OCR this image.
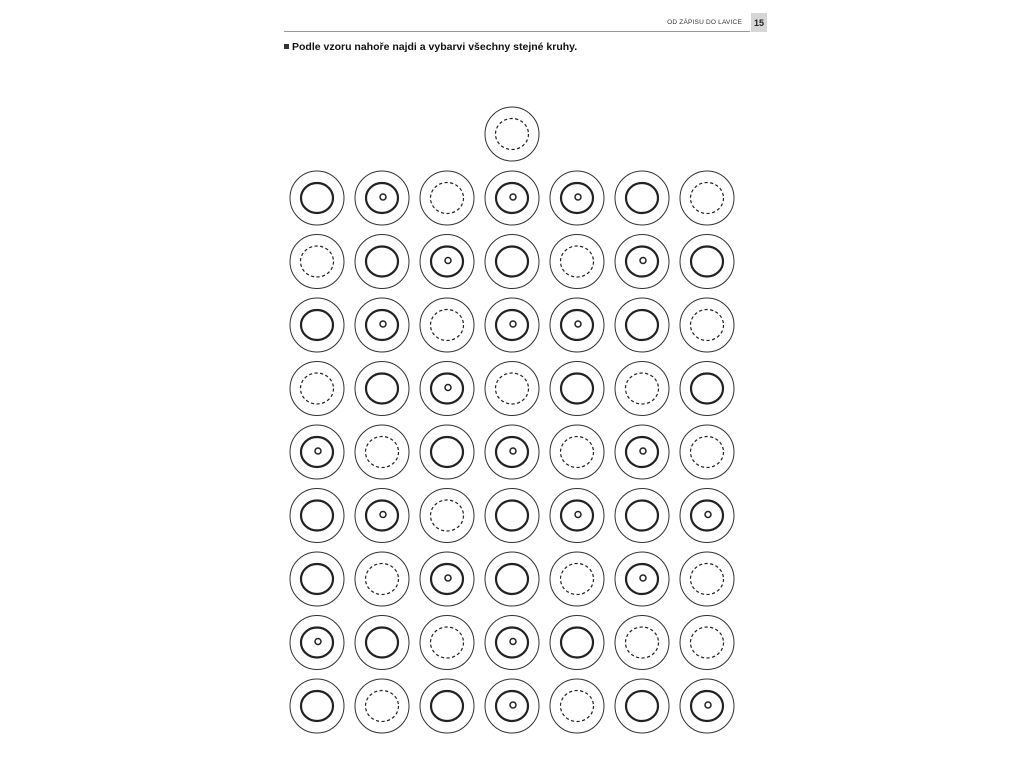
OD ZÁPISU DO LAVICE 15
Podle vzoru nahoře najdi a vybarvi všechny stejné kruhy.
